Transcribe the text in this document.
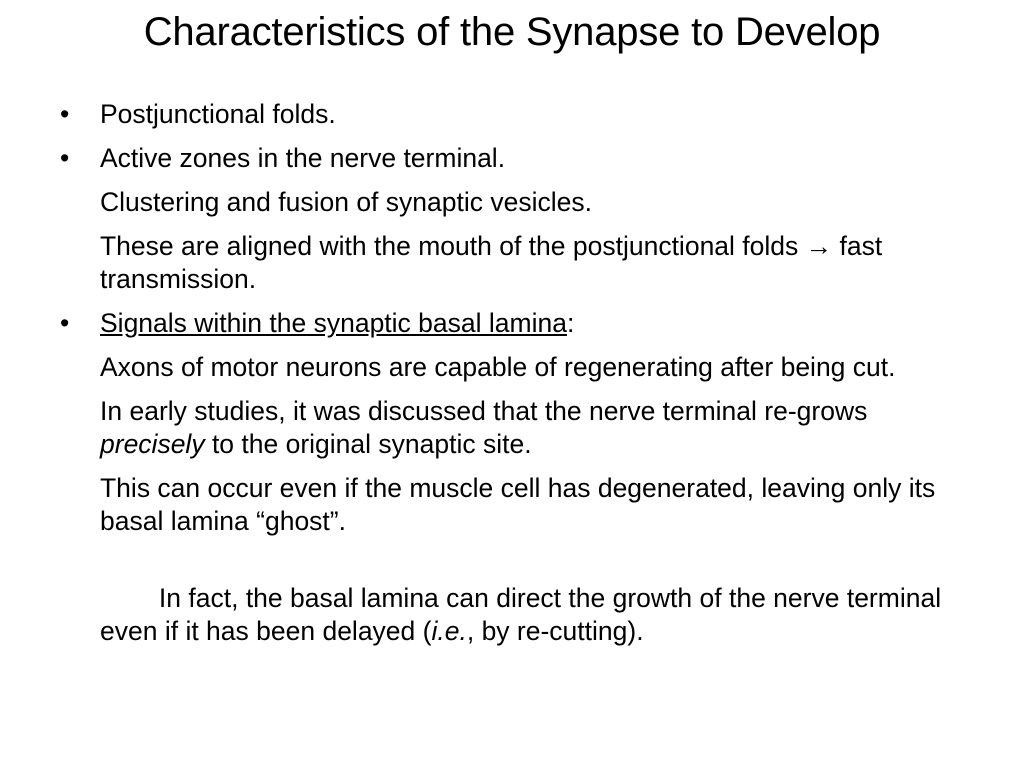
Characteristics of the Synapse to Develop
•	Postjunctional folds.
•	Active zones in the nerve terminal.
Clustering and fusion of synaptic vesicles.
These are aligned with the mouth of the postjunctional folds → fast transmission.
•	Signals within the synaptic basal lamina:
Axons of motor neurons are capable of regenerating after being cut.
In early studies, it was discussed that the nerve terminal re-grows precisely to the original synaptic site.
This can occur even if the muscle cell has degenerated, leaving only its basal lamina “ghost”.

In fact, the basal lamina can direct the growth of the nerve terminal even if it has been delayed (i.e., by re-cutting).
